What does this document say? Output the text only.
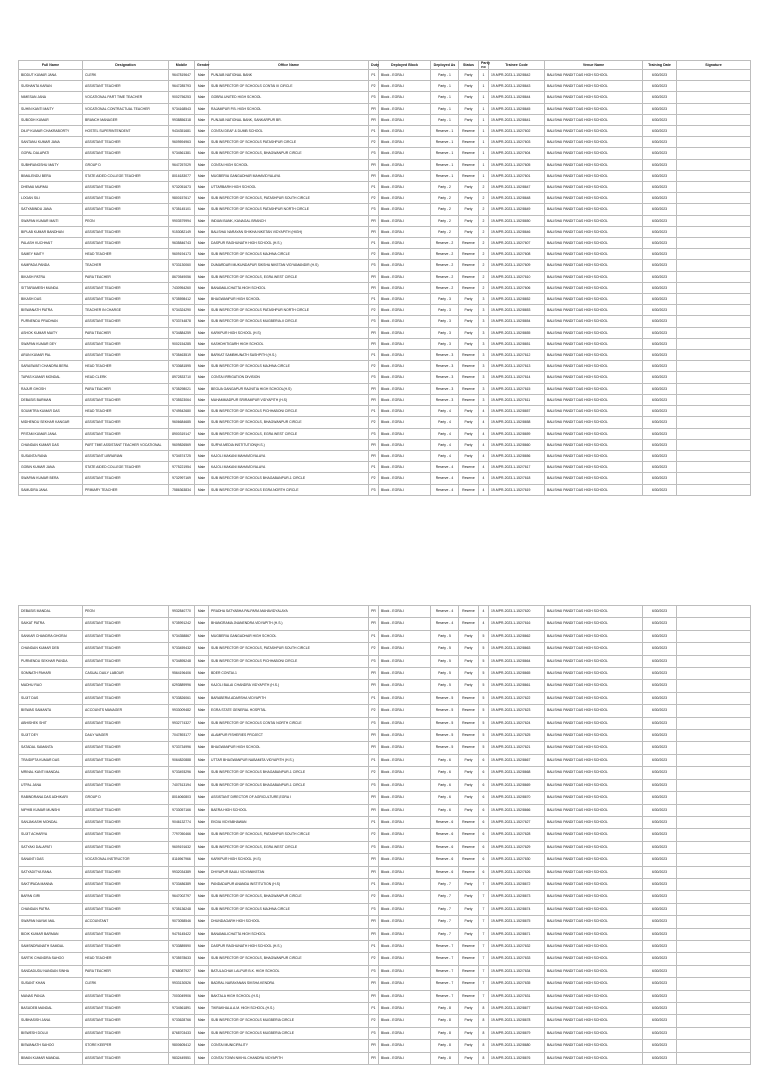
Full Name	Designation	Mobile	Gender	Office Name	Duty	Deployed Block	Deployed As	Status	Party no	Trainee Code	Venue Name	Training Date	Signature
BIDDUT KUMAR JANA	CLERK	9647819647	Male	PUNJAB NATIONAL BANK	P1	Block - EGRA-I	Party - 1	Party	1	19-MPR-2023-1-152/8642	BALISHAI PANDIT DAS HIGH SCHOOL	6/30/2023	
SUSHANTA KARAN	ASSISTANT TEACHER	9647285793	Male	SUB INSPECTOR OF SCHOOLS CONTAI III CIRCLE	P2	Block - EGRA-I	Party - 1	Party	1	19-MPR-2023-1-152/8643	BALISHAI PANDIT DAS HIGH SCHOOL	6/30/2023	
NIMESAN JANA	VOCATIONAL PART TIME TEACHER	9002756253	Male	GOBRA UNITED HIGH SCHOOL	P3	Block - EGRA-I	Party - 1	Party	1	19-MPR-2023-1-152/8644	BALISHAI PANDIT DAS HIGH SCHOOL	6/30/2023	
SUHIN KANTI MAITY	VOCATIONAL CONTRACTUAL TEACHER	9734168543	Male	RAJAMPUR P.B. HIGH SCHOOL	PR	Block - EGRA-I	Party - 1	Party	1	19-MPR-2023-1-152/8645	BALISHAI PANDIT DAS HIGH SCHOOL	6/30/2023	
SUBODH KUMAR	BRANCH MANAGER	9938856318	Male	PUNJAB NATIONAL BANK, SANKARPUR BR.	PR	Block - EGRA-I	Party - 1	Party	1	19-MPR-2023-1-152/8641	BALISHAI PANDIT DAS HIGH SCHOOL	6/30/2023	
DILIP KUMAR CHAKRABORTY	HOSTEL SUPERINTENDENT	9434351681	Male	CONTAI DEAF & DUMB SCHOOL	P1	Block - EGRA-I	Reserve - 1	Reserve	1	19-MPR-2023-1-152/7602	BALISHAI PANDIT DAS HIGH SCHOOL	6/30/2023	
SANTANU KUMAR JANA	ASSISTANT TEACHER	9609594963	Male	SUB INSPECTOR OF SCHOOLS PATASHPUR CIRCLE	P2	Block - EGRA-I	Reserve - 1	Reserve	1	19-MPR-2023-1-152/7603	BALISHAI PANDIT DAS HIGH SCHOOL	6/30/2023	
GOPAL DALAPATI	ASSISTANT TEACHER	9734561381	Male	SUB INSPECTOR OF SCHOOLS, BHAGWANPUR CIRCLE	P3	Block - EGRA-I	Reserve - 1	Reserve	1	19-MPR-2023-1-152/7604	BALISHAI PANDIT DAS HIGH SCHOOL	6/30/2023	
SUBHRANGSHU MAITY	GROUP D	9647257029	Male	CONTAI HIGH SCHOOL	PR	Block - EGRA-I	Reserve - 1	Reserve	1	19-MPR-2023-1-152/7605	BALISHAI PANDIT DAS HIGH SCHOOL	6/30/2023	
BIMALENDU BERA	STATE AIDED COLLEGE TEACHER	8016183077	Male	MUGBERIA GANGADHAR MAHAVIDYALAYA	PR	Block - EGRA-I	Reserve - 1	Reserve	1	19-MPR-2023-1-152/7601	BALISHAI PANDIT DAS HIGH SCHOOL	6/30/2023	
DHEMAI MURMU	ASSISTANT TEACHER	9732051673	Male	UTTARBARH HIGH SCHOOL	P1	Block - EGRA-I	Party - 2	Party	2	19-MPR-2023-1-152/8647	BALISHAI PANDIT DAS HIGH SCHOOL	6/30/2023	
LOGAN SILI	ASSISTANT TEACHER	9800157617	Male	SUB INSPECTOR OF SCHOOLS, PATASHPUR SOUTH CIRCLE	P2	Block - EGRA-I	Party - 2	Party	2	19-MPR-2023-1-152/8648	BALISHAI PANDIT DAS HIGH SCHOOL	6/30/2023	
SATYABINDU JANA	ASSISTANT TEACHER	9735145101	Male	SUB INSPECTOR OF SCHOOLS PATASHPUR NORTH CIRCLE	P3	Block - EGRA-I	Party - 2	Party	2	19-MPR-2023-1-152/8649	BALISHAI PANDIT DAS HIGH SCHOOL	6/30/2023	
SWAPAN KUMAR MAITI	PEON	9903579994	Male	INDIAN BANK, KANAGAL BRANCH	PR	Block - EGRA-I	Party - 2	Party	2	19-MPR-2023-1-152/8650	BALISHAI PANDIT DAS HIGH SCHOOL	6/30/2023	
BIPLAB KUMAR BANDHAN	ASSISTANT TEACHER	9153082149	Male	BALISHAI NARAYAN SHIKHA NIKETAN VIDYAPITH (HIGH)	PR	Block - EGRA-I	Party - 2	Party	2	19-MPR-2023-1-152/8646	BALISHAI PANDIT DAS HIGH SCHOOL	6/30/2023	
PALASH KUCHHAIT	ASSISTANT TEACHER	9635846743	Male	DASPUR RAGHUNATH HIGH SCHOOL (H.S.)	P1	Block - EGRA-I	Reserve - 2	Reserve	2	19-MPR-2023-1-152/7607	BALISHAI PANDIT DAS HIGH SCHOOL	6/30/2023	
SAMEY MAITY	HEAD TEACHER	9609194173	Male	SUB INSPECTOR OF SCHOOLS MAJHNA CIRCLE	P2	Block - EGRA-I	Reserve - 2	Reserve	2	19-MPR-2023-1-152/7608	BALISHAI PANDIT DAS HIGH SCHOOL	6/30/2023	
KAMPADA PANDA	TEACHER	9733130060	Male	DUMARDARI MUKUNDAPUR SIKSHA NIKETAN VIDYAMANDIR (H.S)	P3	Block - EGRA-I	Reserve - 2	Reserve	2	19-MPR-2023-1-152/7609	BALISHAI PANDIT DAS HIGH SCHOOL	6/30/2023	
BIKASH PATRA	PARA TEACHER	8670549056	Male	SUB INSPECTOR OF SCHOOLS, EGRA WEST CIRCLE	PR	Block - EGRA-I	Reserve - 2	Reserve	2	19-MPR-2023-1-152/7610	BALISHAI PANDIT DAS HIGH SCHOOL	6/30/2023	
SITTARAMESH MUNDA	ASSISTANT TEACHER	7430954260	Male	BANAMALICHATTA HIGH SCHOOL	PR	Block - EGRA-I	Reserve - 2	Reserve	2	19-MPR-2023-1-152/7606	BALISHAI PANDIT DAS HIGH SCHOOL	6/30/2023	
BIKASH DAS	ASSISTANT TEACHER	9735598412	Male	BHAGWANPUR HIGH SCHOOL	P1	Block - EGRA-I	Party - 3	Party	3	19-MPR-2023-1-152/8652	BALISHAI PANDIT DAS HIGH SCHOOL	6/30/2023	
BISWANATH PATRA	TEACHER IN CHARGE	9734324290	Male	SUB INSPECTOR OF SCHOOLS PATASHPUR NORTH CIRCLE	P2	Block - EGRA-I	Party - 3	Party	3	19-MPR-2023-1-152/8653	BALISHAI PANDIT DAS HIGH SCHOOL	6/30/2023	
PURNENDU PRADHAN	ASSISTANT TEACHER	9733744878	Male	SUB INSPECTOR OF SCHOOLS MUGBERIA-II CIRCLE	P3	Block - EGRA-I	Party - 3	Party	3	19-MPR-2023-1-152/8654	BALISHAI PANDIT DAS HIGH SCHOOL	6/30/2023	
ASHOK KUMAR MAITY	PARA TEACHER	9734884259	Male	KARKPUR HIGH SCHOOL (H.S)	PR	Block - EGRA-I	Party - 3	Party	3	19-MPR-2023-1-152/8655	BALISHAI PANDIT DAS HIGH SCHOOL	6/30/2023	
SWAPAN KUMAR DEY	ASSISTANT TEACHER	9002154285	Male	KASHDHITIGARH HIGH SCHOOL	PR	Block - EGRA-I	Party - 3	Party	3	19-MPR-2023-1-152/8651	BALISHAI PANDIT DAS HIGH SCHOOL	6/30/2023	
ARUN KUMAR PAL	ASSISTANT TEACHER	9735463519	Male	BARKAT SAMBHUNATH SASHPITH (H.S.)	P1	Block - EGRA-I	Reserve - 3	Reserve	3	19-MPR-2023-1-152/7612	BALISHAI PANDIT DAS HIGH SCHOOL	6/30/2023	
SARASWATI CHANDRA BERA	HEAD TEACHER	9733681595	Male	SUB INSPECTOR OF SCHOOLS MAJHNA CIRCLE	P2	Block - EGRA-I	Reserve - 3	Reserve	3	19-MPR-2023-1-152/7613	BALISHAI PANDIT DAS HIGH SCHOOL	6/30/2023	
TAPAS KUMAR MONDAL	HEAD CLERK	8972833710	Male	CONTAI IRRIGATION DIVISION	P3	Block - EGRA-I	Reserve - 3	Reserve	3	19-MPR-2023-1-152/7614	BALISHAI PANDIT DAS HIGH SCHOOL	6/30/2023	
RAJUR GHOSH	PARA TEACHER	9735298021	Male	BEGUA GANGAPUR RAJNITIA HIGH SCHOOL(H.S)	PR	Block - EGRA-I	Reserve - 3	Reserve	3	19-MPR-2023-1-152/7615	BALISHAI PANDIT DAS HIGH SCHOOL	6/30/2023	
DEBASIS BARMAN	ASSISTANT TEACHER	9735523064	Male	MAHAMMADPUR SRIRAMPUR VIDYAPITH (H.S)	PR	Block - EGRA-I	Reserve - 3	Reserve	3	19-MPR-2023-1-152/7611	BALISHAI PANDIT DAS HIGH SCHOOL	6/30/2023	
SOUMITRA KUMAR DAS	HEAD TEACHER	9749542680	Male	SUB INSPECTOR OF SCHOOLS PICHHABONI CIRCLE	P1	Block - EGRA-I	Party - 4	Party	4	19-MPR-2023-1-152/8657	BALISHAI PANDIT DAS HIGH SCHOOL	6/30/2023	
MIDHENDU SEKHAR KANGAR	ASSISTANT TEACHER	9606684685	Male	SUB INSPECTOR OF SCHOOLS, BHAGWANPUR CIRCLE	P2	Block - EGRA-I	Party - 4	Party	4	19-MPR-2023-1-152/8658	BALISHAI PANDIT DAS HIGH SCHOOL	6/30/2023	
PRITAM KUMAR JANA	ASSISTANT TEACHER	8900319147	Male	SUB INSPECTOR OF SCHOOLS, EGRA WEST CIRCLE	P3	Block - EGRA-I	Party - 4	Party	4	19-MPR-2023-1-152/8659	BALISHAI PANDIT DAS HIGH SCHOOL	6/30/2023	
CHANDAN KUMAR DAS	PART TIME ASSISTANT TEACHER VOCATIONAL	9609826569	Male	SURYA MEDIA INSTITUTION(H.S.)	PR	Block - EGRA-I	Party - 4	Party	4	19-MPR-2023-1-152/8660	BALISHAI PANDIT DAS HIGH SCHOOL	6/30/2023	
SUSANTA RANA	ASSISTANT LIBRARIAN	9734574725	Male	KAJOLI MAKANI MAHAVIDYALAYA	PR	Block - EGRA-I	Party - 4	Party	4	19-MPR-2023-1-152/8656	BALISHAI PANDIT DAS HIGH SCHOOL	6/30/2023	
GOBIN KUMAR JANA	STATE AIDED COLLEGE TEACHER	9775221954	Male	KAJOLI MAKANI MAHAVIDYALAYA	P1	Block - EGRA-I	Reserve - 4	Reserve	4	19-MPR-2023-1-152/7617	BALISHAI PANDIT DAS HIGH SCHOOL	6/30/2023	
SWAPAN KUMAR BERA	ASSISTANT TEACHER	9732997169	Male	SUB INSPECTOR OF SCHOOLS BHAGABANPUR-1 CIRCLE	P2	Block - EGRA-I	Reserve - 4	Reserve	4	19-MPR-2023-1-152/7618	BALISHAI PANDIT DAS HIGH SCHOOL	6/30/2023	
SAMUDRA JANA	PRIMARY TEACHER	7586363834	Male	SUB INSPECTOR OF SCHOOLS EGRA NORTH CIRCLE	P3	Block - EGRA-I	Reserve - 4	Reserve	4	19-MPR-2023-1-152/7619	BALISHAI PANDIT DAS HIGH SCHOOL	6/30/2023	
DEBASIS MANDAL	PEON	9932840770	Male	PRADHA SATYABHA PALPARA MAHAVIDYALAYA	PR	Block - EGRA-I	Reserve - 4	Reserve	4	19-MPR-2023-1-152/7620	BALISHAI PANDIT DAS HIGH SCHOOL	6/30/2023	
SAIKAT PATRA	ASSISTANT TEACHER	9735991242	Male	BHANGRAMA JNANENDRA VIDYAPITH (H.S.)	PR	Block - EGRA-I	Reserve - 4	Reserve	4	19-MPR-2023-1-152/7616	BALISHAI PANDIT DAS HIGH SCHOOL	6/30/2023	
SANKAR CHANDRA GHORAI	ASSISTANT TEACHER	9734358867	Male	MUGBERIA GANGADHAR HIGH SCHOOL	P1	Block - EGRA-I	Party - 5	Party	5	19-MPR-2023-1-152/8662	BALISHAI PANDIT DAS HIGH SCHOOL	6/30/2023	
CHANDAN KUMAR DEB	ASSISTANT TEACHER	9733459432	Male	SUB INSPECTOR OF SCHOOLS, PATASHPUR SOUTH CIRCLE	P2	Block - EGRA-I	Party - 5	Party	5	19-MPR-2023-1-152/8663	BALISHAI PANDIT DAS HIGH SCHOOL	6/30/2023	
PURNENDU SEKHAR PANDA	ASSISTANT TEACHER	9734895248	Male	SUB INSPECTOR OF SCHOOLS PICHHABONI CIRCLE	P3	Block - EGRA-I	Party - 5	Party	5	19-MPR-2023-1-152/8664	BALISHAI PANDIT DAS HIGH SCHOOL	6/30/2023	
SOMNATH PAHARI	CASUAL DAILY LABOUR	9564196406	Male	BDER CONTAI-1	PR	Block - EGRA-I	Party - 5	Party	5	19-MPR-2023-1-152/8665	BALISHAI PANDIT DAS HIGH SCHOOL	6/30/2023	
MADHU RAO	ASSISTANT TEACHER	6293889996	Male	KAJOLI BALAI CHANDRA VIDYAPITH (H.S.)	PR	Block - EGRA-I	Party - 5	Party	5	19-MPR-2023-1-152/8661	BALISHAI PANDIT DAS HIGH SCHOOL	6/30/2023	
SUJIT DAS	ASSISTANT TEACHER	9733826061	Male	BARABERIA ADARSHA VIDYAPITH	P1	Block - EGRA-I	Reserve - 5	Reserve	5	19-MPR-2023-1-152/7622	BALISHAI PANDIT DAS HIGH SCHOOL	6/30/2023	
BISWAS SAMANTA	ACCOUNTS MANAGER	9933009482	Male	EGRA STATE GENERAL HOSPITAL	P2	Block - EGRA-I	Reserve - 5	Reserve	5	19-MPR-2023-1-152/7623	BALISHAI PANDIT DAS HIGH SCHOOL	6/30/2023	
ABHISHEK SHIT	ASSISTANT TEACHER	9932774327	Male	SUB INSPECTOR OF SCHOOLS CONTAI NORTH CIRCLE	P3	Block - EGRA-I	Reserve - 5	Reserve	5	19-MPR-2023-1-152/7624	BALISHAI PANDIT DAS HIGH SCHOOL	6/30/2023	
SUJIT DEY	DAILY WAGER	7047893177	Male	ALAMPUR FISHERIES PROJECT	PR	Block - EGRA-I	Reserve - 5	Reserve	5	19-MPR-2023-1-152/7625	BALISHAI PANDIT DAS HIGH SCHOOL	6/30/2023	
SATADAL SAMANTA	ASSISTANT TEACHER	9733734996	Male	BHAGWANPUR HIGH SCHOOL	PR	Block - EGRA-I	Reserve - 5	Reserve	5	19-MPR-2023-1-152/7621	BALISHAI PANDIT DAS HIGH SCHOOL	6/30/2023	
TRAIDIPTA KUMAR DAS	ASSISTANT TEACHER	9064820888	Male	UTTAR BHAGWANPUR NABAMITA VIDYAPITH (H.S.)	P1	Block - EGRA-I	Party - 6	Party	6	19-MPR-2023-1-152/8667	BALISHAI PANDIT DAS HIGH SCHOOL	6/30/2023	
MRINAL KANTI MANDAL	ASSISTANT TEACHER	9733493296	Male	SUB INSPECTOR OF SCHOOLS BHAGABANPUR-1 CIRCLE	P2	Block - EGRA-I	Party - 6	Party	6	19-MPR-2023-1-152/8668	BALISHAI PANDIT DAS HIGH SCHOOL	6/30/2023	
UTPAL JANA	ASSISTANT TEACHER	7407513194	Male	SUB INSPECTOR OF SCHOOLS BHAGABANPUR-1 CIRCLE	P3	Block - EGRA-I	Party - 6	Party	6	19-MPR-2023-1-152/8669	BALISHAI PANDIT DAS HIGH SCHOOL	6/30/2023	
RABINDRANA DAS ADHIKARI	GROUP D	8016060803	Male	ASSISTANT DIRECTOR OF AGRICULTURE,EGRA I	PR	Block - EGRA-I	Party - 6	Party	6	19-MPR-2023-1-152/8670	BALISHAI PANDIT DAS HIGH SCHOOL	6/30/2023	
NIPHIB KUMAR MUNSHI	ASSISTANT TEACHER	9733057166	Male	BAERA HIGH SCHOOL	PR	Block - EGRA-I	Party - 6	Party	6	19-MPR-2023-1-152/8666	BALISHAI PANDIT DAS HIGH SCHOOL	6/30/2023	
SANJAKASHI MONDAL	ASSISTANT TEACHER	9046132774	Male	EKDIA VIDYABHAWAN	P1	Block - EGRA-I	Reserve - 6	Reserve	6	19-MPR-2023-1-152/7627	BALISHAI PANDIT DAS HIGH SCHOOL	6/30/2023	
SUJIT ACHARYA	ASSISTANT TEACHER	7797050466	Male	SUB INSPECTOR OF SCHOOLS, PATASHPUR SOUTH CIRCLE	P2	Block - EGRA-I	Reserve - 6	Reserve	6	19-MPR-2023-1-152/7628	BALISHAI PANDIT DAS HIGH SCHOOL	6/30/2023	
SATYAKI DALAPATI	ASSISTANT TEACHER	9609191632	Male	SUB INSPECTOR OF SCHOOLS, EGRA WEST CIRCLE	P3	Block - EGRA-I	Reserve - 6	Reserve	6	19-MPR-2023-1-152/7629	BALISHAI PANDIT DAS HIGH SCHOOL	6/30/2023	
SANANTI DAS	VOCATIONAL INSTRUCTOR	8116967966	Male	KARKPUR HIGH SCHOOL (H.S)	PR	Block - EGRA-I	Reserve - 6	Reserve	6	19-MPR-2023-1-152/7630	BALISHAI PANDIT DAS HIGH SCHOOL	6/30/2023	
SATYADITYA RANA	ASSISTANT TEACHER	9932034389	Male	DHIYAPUR BAULI VIDYANIKETAN	PR	Block - EGRA-I	Reserve - 6	Reserve	6	19-MPR-2023-1-152/7626	BALISHAI PANDIT DAS HIGH SCHOOL	6/30/2023	
SAKTIPADA MANNA	ASSISTANT TEACHER	9733486389	Male	PANDADAPUR ANANDA INSTITUTION (H.S)	P1	Block - EGRA-I	Party - 7	Party	7	19-MPR-2023-1-152/8672	BALISHAI PANDIT DAS HIGH SCHOOL	6/30/2023	
BAPAN GIRI	ASSISTANT TEACHER	9647002797	Male	SUB INSPECTOR OF SCHOOLS, BHAGWANPUR CIRCLE	P2	Block - EGRA-I	Party - 7	Party	7	19-MPR-2023-1-152/8673	BALISHAI PANDIT DAS HIGH SCHOOL	6/30/2023	
CHANDAN PATRA	ASSISTANT TEACHER	9735136248	Male	SUB INSPECTOR OF SCHOOLS MAJHNA CIRCLE	P3	Block - EGRA-I	Party - 7	Party	7	19-MPR-2023-1-152/8674	BALISHAI PANDIT DAS HIGH SCHOOL	6/30/2023	
SWAPAN NAYAK MAL	ACCOUNTANT	9073058546	Male	DHUNDAGARH HIGH SCHOOL	PR	Block - EGRA-I	Party - 7	Party	7	19-MPR-2023-1-152/8675	BALISHAI PANDIT DAS HIGH SCHOOL	6/30/2023	
BIDIK KUMAR BARMAN	ASSISTANT TEACHER	9475145422	Male	BANAMALICHATTA HIGH SCHOOL	PR	Block - EGRA-I	Party - 7	Party	7	19-MPR-2023-1-152/8671	BALISHAI PANDIT DAS HIGH SCHOOL	6/30/2023	
SAMSNDRANATH SAMDAL	ASSISTANT TEACHER	9733889590	Male	DASPUR RAGHUNATH HIGH SCHOOL (H.S.)	P1	Block - EGRA-I	Reserve - 7	Reserve	7	19-MPR-2023-1-152/7632	BALISHAI PANDIT DAS HIGH SCHOOL	6/30/2023	
SARTIK CHANDRA SAHOO	HEAD TEACHER	9735578633	Male	SUB INSPECTOR OF SCHOOLS, BHAGWANPUR CIRCLE	P2	Block - EGRA-I	Reserve - 7	Reserve	7	19-MPR-2023-1-152/7633	BALISHAI PANDIT DAS HIGH SCHOOL	6/30/2023	
SANDADUDU NANDAN SINHA	PARA TEACHER	8768087927	Male	BATULACHAK LALPUR B.K. HIGH SCHOOL	P3	Block - EGRA-I	Reserve - 7	Reserve	7	19-MPR-2023-1-152/7634	BALISHAI PANDIT DAS HIGH SCHOOL	6/30/2023	
SUSANT KHAN	CLERK	9933130526	Male	BADRAL NARAYANAN SIKSHA KENDRA	PR	Block - EGRA-I	Reserve - 7	Reserve	7	19-MPR-2023-1-152/7635	BALISHAI PANDIT DAS HIGH SCHOOL	6/30/2023	
MANAS PANJA	ASSISTANT TEACHER	7003049906	Male	BAKTALA HIGH SCHOOL (H.S.)	PR	Block - EGRA-I	Reserve - 7	Reserve	7	19-MPR-2023-1-152/7631	BALISHAI PANDIT DAS HIGH SCHOOL	6/30/2023	
BASUDEB MANDAL	ASSISTANT TEACHER	9734561891	Male	TIKRAKHALA.A.M. HIGH SCHOOL (H.S.)	P1	Block - EGRA-I	Party - 8	Party	8	19-MPR-2023-1-152/8677	BALISHAI PANDIT DAS HIGH SCHOOL	6/30/2023	
SUBHASISH JANA	ASSISTANT TEACHER	9733628766	Male	SUB INSPECTOR OF SCHOOLS MUGBERIA CIRCLE	P2	Block - EGRA-I	Party - 8	Party	8	19-MPR-2023-1-152/8678	BALISHAI PANDIT DAS HIGH SCHOOL	6/30/2023	
BISWESH DOLUI	ASSISTANT TEACHER	8768703433	Male	SUB INSPECTOR OF SCHOOLS MUGBERIA CIRCLE	P3	Block - EGRA-I	Party - 8	Party	8	19-MPR-2023-1-152/8679	BALISHAI PANDIT DAS HIGH SCHOOL	6/30/2023	
BISWANATH SAHOO	STORE KEEPER	9800605412	Male	CONTAI MUNICIPALITY	PR	Block - EGRA-I	Party - 8	Party	8	19-MPR-2023-1-152/8680	BALISHAI PANDIT DAS HIGH SCHOOL	6/30/2023	
BIMAN KUMAR MANDAL	ASSISTANT TEACHER	9832449551	Male	CONTAI TOWN NIKHIL CHANDRA VIDYAPITH	PR	Block - EGRA-I	Party - 8	Party	8	19-MPR-2023-1-152/8676	BALISHAI PANDIT DAS HIGH SCHOOL	6/30/2023	
